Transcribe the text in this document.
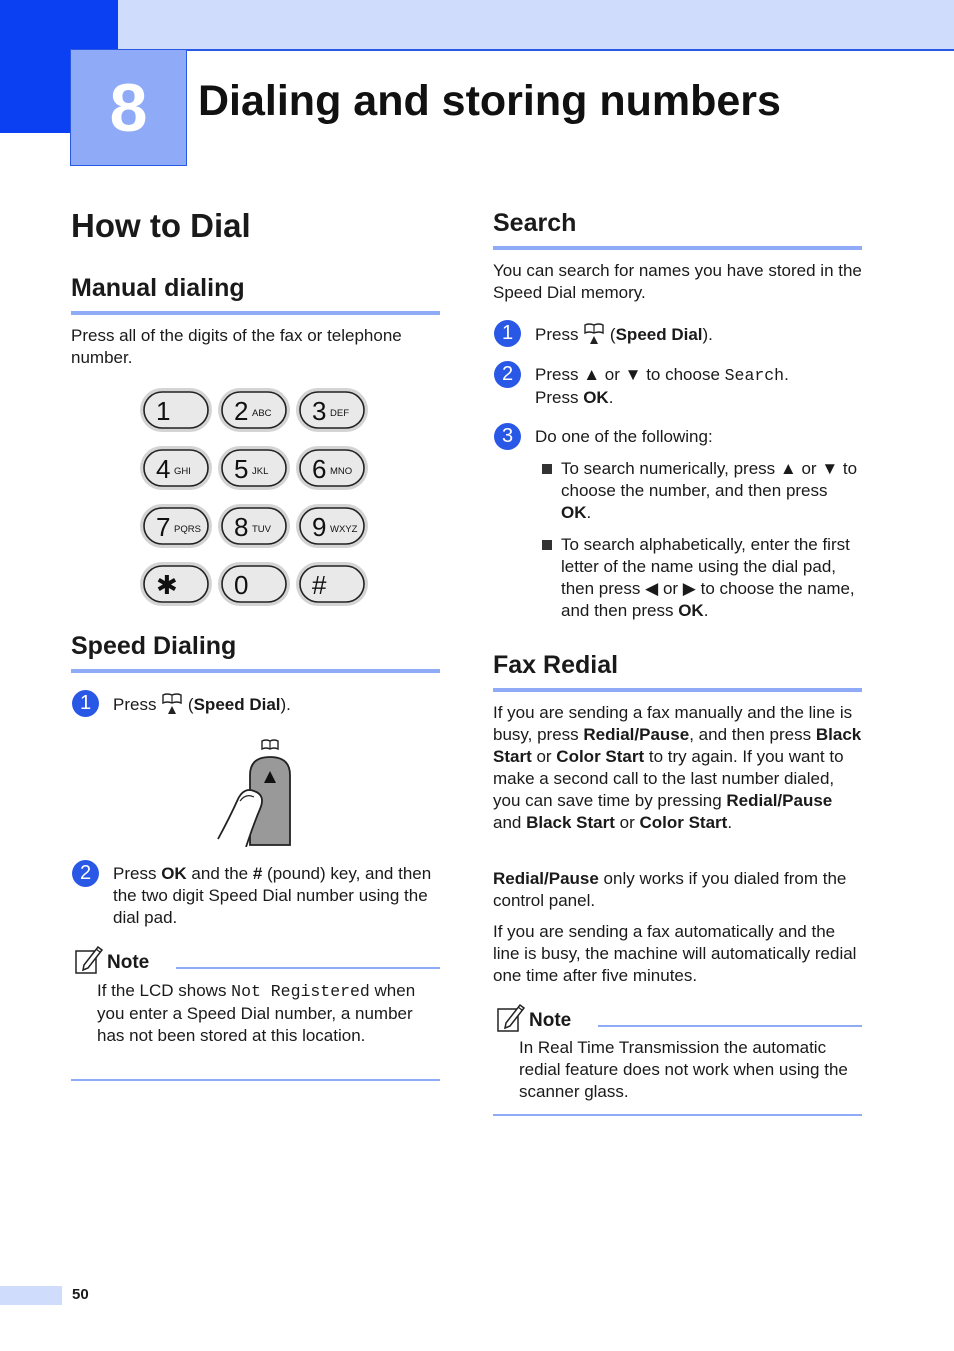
8 Dialing and storing numbers
How to Dial
Manual dialing

Press all of the digits of the fax or telephone number.

1 2 ABC 3 DEF
4 GHI 5 JKL 6 MNO
7 PQRS 8 TUV 9 WXYZ
✱ 0 #
Speed Dialing
1	Press  (Speed Dial).

2	Press OK and the # (pound) key, and then the two digit Speed Dial number using the dial pad.

Note

If the LCD shows Not Registered when you enter a Speed Dial number, a number has not been stored at this location.

Search

You can search for names you have stored in the Speed Dial memory.

1	Press  (Speed Dial).

2	Press ▲ or ▼ to choose Search.
Press OK.

3	Do one of the following:

To search numerically, press ▲ or ▼ to choose the number, and then press OK.

To search alphabetically, enter the first letter of the name using the dial pad, then press ◀ or ▶ to choose the name, and then press OK.

Fax Redial

If you are sending a fax manually and the line is busy, press Redial/Pause, and then press Black Start or Color Start to try again. If you want to make a second call to the last number dialed, you can save time by pressing Redial/Pause and Black Start or Color Start.

Redial/Pause only works if you dialed from the control panel.

If you are sending a fax automatically and the line is busy, the machine will automatically redial one time after five minutes.

Note

In Real Time Transmission the automatic redial feature does not work when using the scanner glass.

50
